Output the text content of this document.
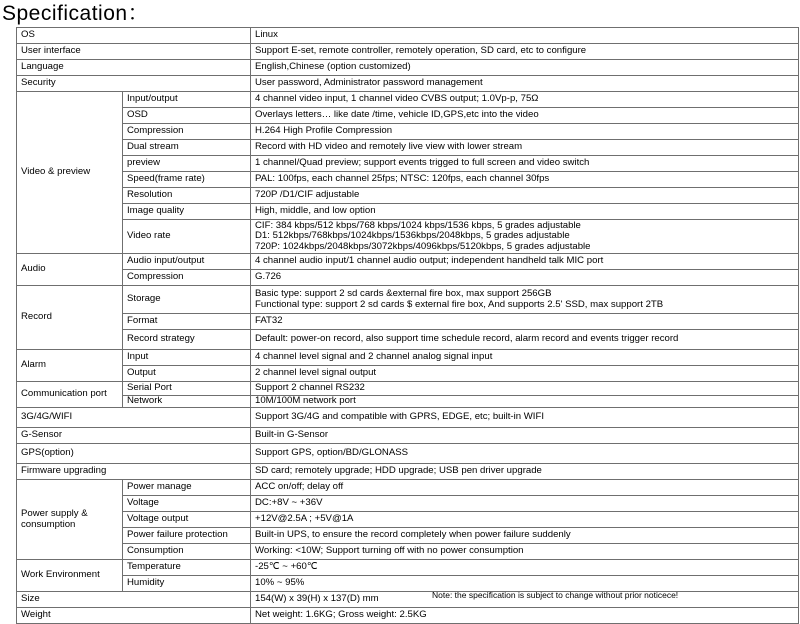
Specification：
OS		Linux
User interface		Support E-set, remote controller, remotely operation, SD card, etc to configure
Language		English,Chinese (option customized)
Security		User password, Administrator password management
Video & preview	Input/output	4 channel video input, 1 channel video CVBS output; 1.0Vp-p, 75Ω
	OSD	Overlays letters… like date /time, vehicle ID,GPS,etc into the video
	Compression	H.264 High Profile Compression
	Dual stream	Record with HD video and remotely live view with lower stream
	preview	1 channel/Quad preview; support events trigged to full screen and video switch
	Speed(frame rate)	PAL: 100fps, each channel 25fps; NTSC: 120fps, each channel 30fps
	Resolution	720P /D1/CIF adjustable
	Image quality	High, middle, and low option
	Video rate	CIF: 384 kbps/512 kbps/768 kbps/1024 kbps/1536 kbps, 5 grades adjustable
D1: 512kbps/768kbps/1024kbps/1536kbps/2048kbps, 5 grades adjustable
720P: 1024kbps/2048kbps/3072kbps/4096kbps/5120kbps, 5 grades adjustable
Audio	Audio input/output	4 channel audio input/1 channel audio output; independent handheld talk MIC port
	Compression	G.726
Record	Storage	Basic type: support 2 sd cards &external fire box, max support 256GB
Functional type: support 2 sd cards $ external fire box, And supports 2.5' SSD, max support 2TB
	Format	FAT32
	Record strategy	Default: power-on record, also support time schedule record, alarm record and events trigger record
Alarm	Input	4 channel level signal and 2 channel analog signal input
	Output	2 channel level signal output
Communication port	Serial Port	Support 2 channel RS232
	Network	10M/100M network port
3G/4G/WIFI		Support 3G/4G and compatible with GPRS, EDGE, etc; built-in WIFI
G-Sensor		Built-in G-Sensor
GPS(option)		Support GPS, option/BD/GLONASS
Firmware upgrading		SD card; remotely upgrade; HDD upgrade; USB pen driver upgrade
Power supply & consumption	Power manage	ACC on/off; delay off
	Voltage	DC:+8V ~ +36V
	Voltage output	+12V@2.5A ; +5V@1A
	Power failure protection	Built-in UPS, to ensure the record completely when power failure suddenly
	Consumption	Working: <10W; Support turning off with no power consumption
Work Environment	Temperature	-25℃ ~ +60℃
	Humidity	10% ~ 95%
Size		154(W) x 39(H) x 137(D) mm
Weight		Net weight: 1.6KG; Gross weight: 2.5KG
Note: the specification is subject to change without prior noticece!
